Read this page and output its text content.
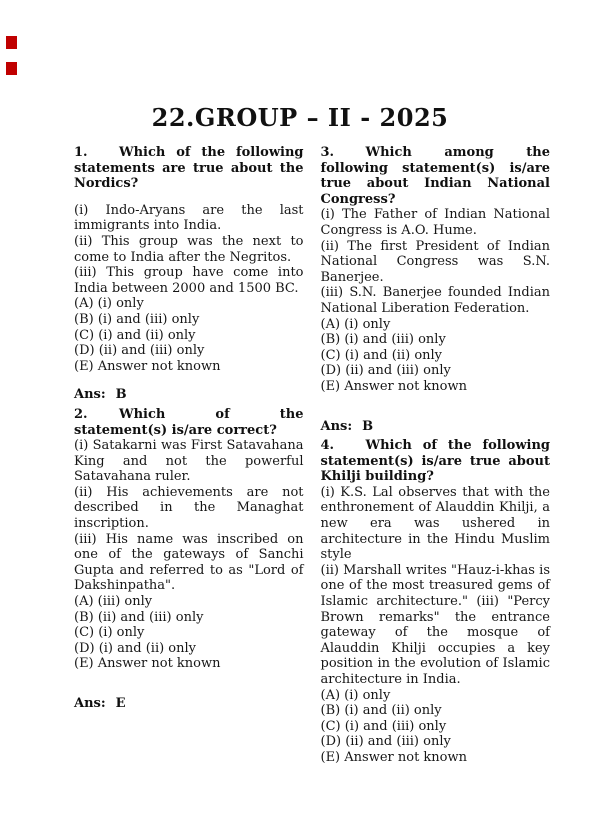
22.GROUP – II - 2025
1. Which of the following statements are true about the Nordics?
(i) Indo-Aryans are the last immigrants into India.
(ii) This group was the next to come to India after the Negritos.
(iii) This group have come into India between 2000 and 1500 BC.
(A) (i) only
(B) (i) and (iii) only
(C) (i) and (ii) only
(D) (ii) and (iii) only
(E) Answer not known
Ans: B
2. Which of the statement(s) is/are correct?
(i) Satakarni was First Satavahana King and not the powerful Satavahana ruler.
(ii) His achievements are not described in the Managhat inscription.
(iii) His name was inscribed on one of the gateways of Sanchi Gupta and referred to as "Lord of Dakshinpatha".
(A) (iii) only
(B) (ii) and (iii) only
(C) (i) only
(D) (i) and (ii) only
(E) Answer not known
Ans: E
3. Which among the following statement(s) is/are true about Indian National Congress?
(i) The Father of Indian National Congress is A.O. Hume.
(ii) The first President of Indian National Congress was S.N. Banerjee.
(iii) S.N. Banerjee founded Indian National Liberation Federation.
(A) (i) only
(B) (i) and (iii) only
(C) (i) and (ii) only
(D) (ii) and (iii) only
(E) Answer not known
Ans: B
4. Which of the following statement(s) is/are true about Khilji building?
(i) K.S. Lal observes that with the enthronement of Alauddin Khilji, a new era was ushered in architecture in the Hindu Muslim style
(ii) Marshall writes "Hauz-i-khas is one of the most treasured gems of Islamic architecture." (iii) "Percy Brown remarks" the entrance gateway of the mosque of Alauddin Khilji occupies a key position in the evolution of Islamic architecture in India.
(A) (i) only
(B) (i) and (ii) only
(C) (i) and (iii) only
(D) (ii) and (iii) only
(E) Answer not known
